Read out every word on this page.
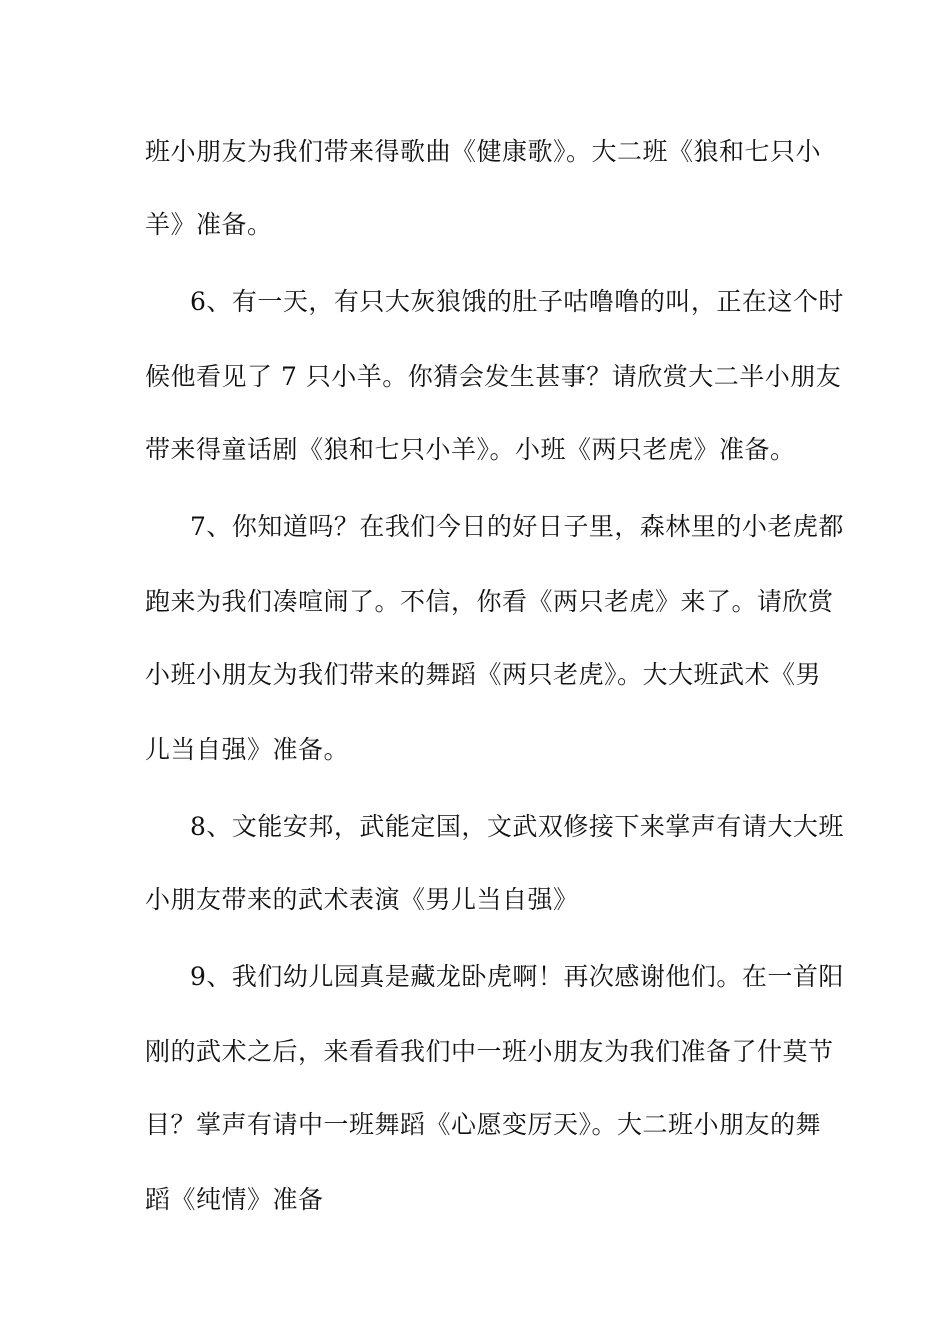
班小朋友为我们带来得歌曲《健康歌》。大二班《狼和七只小
羊》准备。
6、有一天，有只大灰狼饿的肚子咕噜噜的叫，正在这个时
候他看见了 7 只小羊。你猜会发生甚事？请欣赏大二半小朋友
带来得童话剧《狼和七只小羊》。小班《两只老虎》准备。
7、你知道吗？在我们今日的好日子里，森林里的小老虎都
跑来为我们凑喧闹了。不信，你看《两只老虎》来了。请欣赏
小班小朋友为我们带来的舞蹈《两只老虎》。大大班武术《男
儿当自强》准备。
8、文能安邦，武能定国，文武双修接下来掌声有请大大班
小朋友带来的武术表演《男儿当自强》
9、我们幼儿园真是藏龙卧虎啊！再次感谢他们。在一首阳
刚的武术之后，来看看我们中一班小朋友为我们准备了什莫节
目？掌声有请中一班舞蹈《心愿变厉天》。大二班小朋友的舞
蹈《纯情》准备
